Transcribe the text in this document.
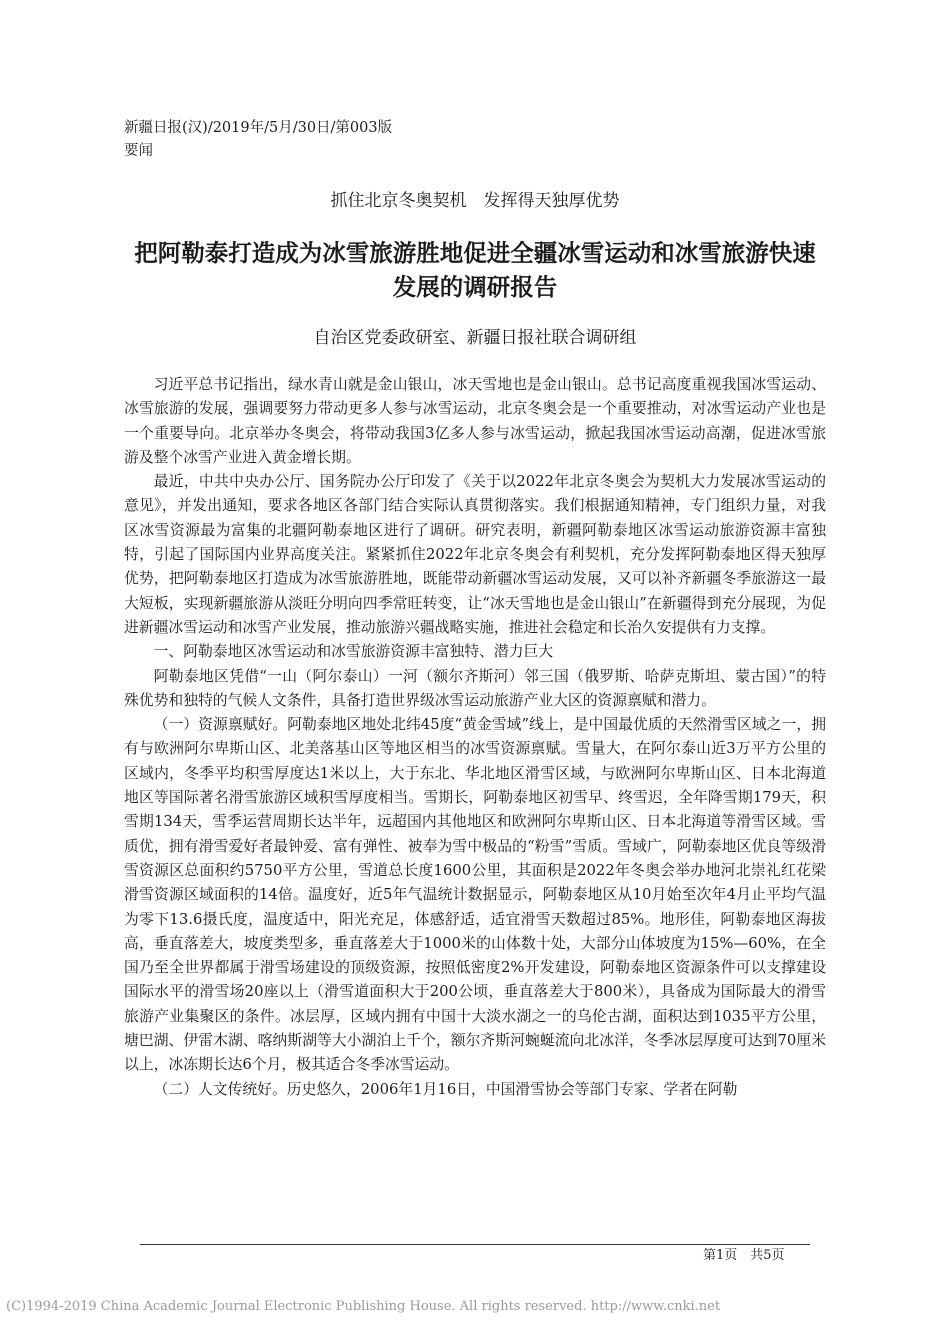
新疆日报(汉)/2019年/5月/30日/第003版
要闻
抓住北京冬奥契机　发挥得天独厚优势
把阿勒泰打造成为冰雪旅游胜地促进全疆冰雪运动和冰雪旅游快速发展的调研报告
自治区党委政研室、新疆日报社联合调研组

习近平总书记指出，绿水青山就是金山银山，冰天雪地也是金山银山。总书记高度重视我国冰雪运动、冰雪旅游的发展，强调要努力带动更多人参与冰雪运动，北京冬奥会是一个重要推动，对冰雪运动产业也是一个重要导向。北京举办冬奥会，将带动我国3亿多人参与冰雪运动，掀起我国冰雪运动高潮，促进冰雪旅游及整个冰雪产业进入黄金增长期。

最近，中共中央办公厅、国务院办公厅印发了《关于以2022年北京冬奥会为契机大力发展冰雪运动的意见》，并发出通知，要求各地区各部门结合实际认真贯彻落实。我们根据通知精神，专门组织力量，对我区冰雪资源最为富集的北疆阿勒泰地区进行了调研。研究表明，新疆阿勒泰地区冰雪运动旅游资源丰富独特，引起了国际国内业界高度关注。紧紧抓住2022年北京冬奥会有利契机，充分发挥阿勒泰地区得天独厚优势，把阿勒泰地区打造成为冰雪旅游胜地，既能带动新疆冰雪运动发展，又可以补齐新疆冬季旅游这一最大短板，实现新疆旅游从淡旺分明向四季常旺转变，让“冰天雪地也是金山银山”在新疆得到充分展现，为促进新疆冰雪运动和冰雪产业发展，推动旅游兴疆战略实施，推进社会稳定和长治久安提供有力支撑。

一、阿勒泰地区冰雪运动和冰雪旅游资源丰富独特、潜力巨大

阿勒泰地区凭借“一山（阿尔泰山）一河（额尔齐斯河）邻三国（俄罗斯、哈萨克斯坦、蒙古国）”的特殊优势和独特的气候人文条件，具备打造世界级冰雪运动旅游产业大区的资源禀赋和潜力。

（一）资源禀赋好。阿勒泰地区地处北纬45度“黄金雪域”线上，是中国最优质的天然滑雪区域之一，拥有与欧洲阿尔卑斯山区、北美落基山区等地区相当的冰雪资源禀赋。雪量大，在阿尔泰山近3万平方公里的区域内，冬季平均积雪厚度达1米以上，大于东北、华北地区滑雪区域，与欧洲阿尔卑斯山区、日本北海道地区等国际著名滑雪旅游区域积雪厚度相当。雪期长，阿勒泰地区初雪早、终雪迟，全年降雪期179天，积雪期134天，雪季运营周期长达半年，远超国内其他地区和欧洲阿尔卑斯山区、日本北海道等滑雪区域。雪质优，拥有滑雪爱好者最钟爱、富有弹性、被奉为雪中极品的“粉雪”雪质。雪域广，阿勒泰地区优良等级滑雪资源区总面积约5750平方公里，雪道总长度1600公里，其面积是2022年冬奥会举办地河北崇礼红花梁滑雪资源区域面积的14倍。温度好，近5年气温统计数据显示，阿勒泰地区从10月始至次年4月止平均气温为零下13.6摄氏度，温度适中，阳光充足，体感舒适，适宜滑雪天数超过85%。地形佳，阿勒泰地区海拔高，垂直落差大，坡度类型多，垂直落差大于1000米的山体数十处，大部分山体坡度为15%—60%，在全国乃至全世界都属于滑雪场建设的顶级资源，按照低密度2%开发建设，阿勒泰地区资源条件可以支撑建设国际水平的滑雪场20座以上（滑雪道面积大于200公顷，垂直落差大于800米），具备成为国际最大的滑雪旅游产业集聚区的条件。冰层厚，区域内拥有中国十大淡水湖之一的乌伦古湖，面积达到1035平方公里，塘巴湖、伊雷木湖、喀纳斯湖等大小湖泊上千个，额尔齐斯河蜿蜒流向北冰洋，冬季冰层厚度可达到70厘米以上，冰冻期长达6个月，极其适合冬季冰雪运动。

（二）人文传统好。历史悠久，2006年1月16日，中国滑雪协会等部门专家、学者在阿勒

第1页　共5页
(C)1994-2019 China Academic Journal Electronic Publishing House. All rights reserved. http://www.cnki.net
